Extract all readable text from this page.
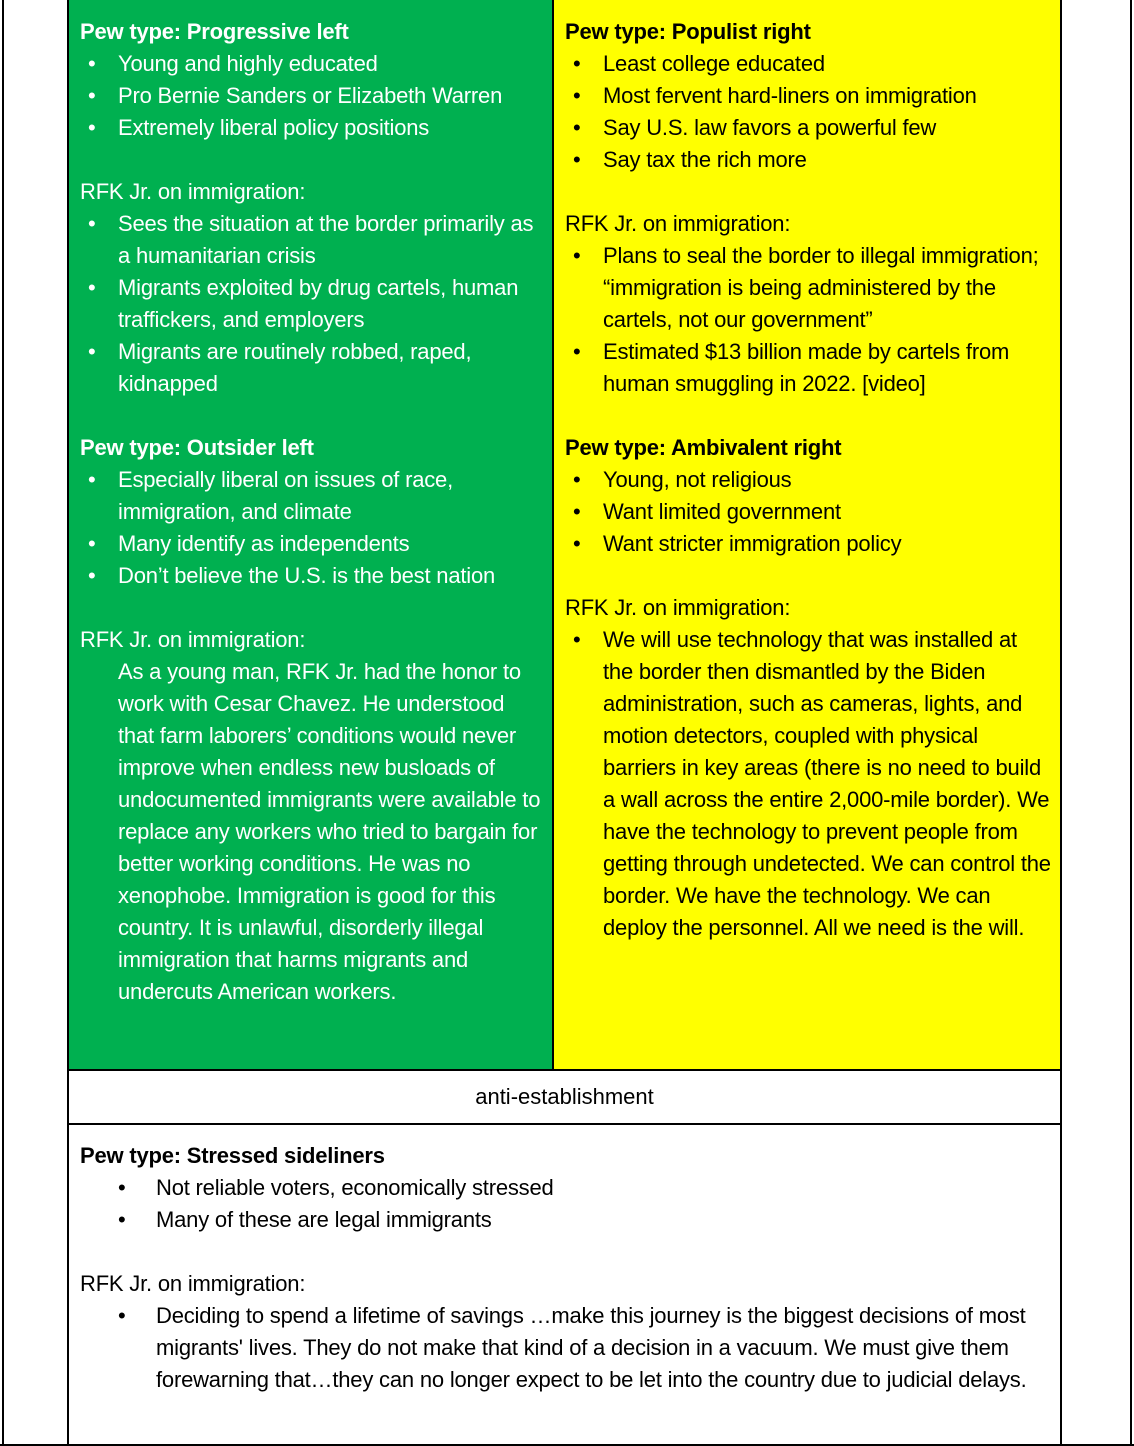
Pew type: Progressive left
• Young and highly educated
• Pro Bernie Sanders or Elizabeth Warren
• Extremely liberal policy positions
RFK Jr. on immigration:
• Sees the situation at the border primarily as a humanitarian crisis
• Migrants exploited by drug cartels, human traffickers, and employers
• Migrants are routinely robbed, raped, kidnapped
Pew type: Outsider left
• Especially liberal on issues of race, immigration, and climate
• Many identify as independents
• Don’t believe the U.S. is the best nation
RFK Jr. on immigration:
As a young man, RFK Jr. had the honor to work with Cesar Chavez. He understood that farm laborers’ conditions would never improve when endless new busloads of undocumented immigrants were available to replace any workers who tried to bargain for better working conditions. He was no xenophobe. Immigration is good for this country. It is unlawful, disorderly illegal immigration that harms migrants and undercuts American workers.
Pew type: Populist right
• Least college educated
• Most fervent hard-liners on immigration
• Say U.S. law favors a powerful few
• Say tax the rich more
RFK Jr. on immigration:
• Plans to seal the border to illegal immigration; “immigration is being administered by the cartels, not our government”
• Estimated $13 billion made by cartels from human smuggling in 2022. [video]
Pew type: Ambivalent right
• Young, not religious
• Want limited government
• Want stricter immigration policy
RFK Jr. on immigration:
• We will use technology that was installed at the border then dismantled by the Biden administration, such as cameras, lights, and motion detectors, coupled with physical barriers in key areas (there is no need to build a wall across the entire 2,000-mile border). We have the technology to prevent people from getting through undetected. We can control the border. We have the technology. We can deploy the personnel. All we need is the will.
anti-establishment
Pew type: Stressed sideliners
• Not reliable voters, economically stressed
• Many of these are legal immigrants
RFK Jr. on immigration:
• Deciding to spend a lifetime of savings …make this journey is the biggest decisions of most migrants' lives. They do not make that kind of a decision in a vacuum. We must give them forewarning that…they can no longer expect to be let into the country due to judicial delays.
